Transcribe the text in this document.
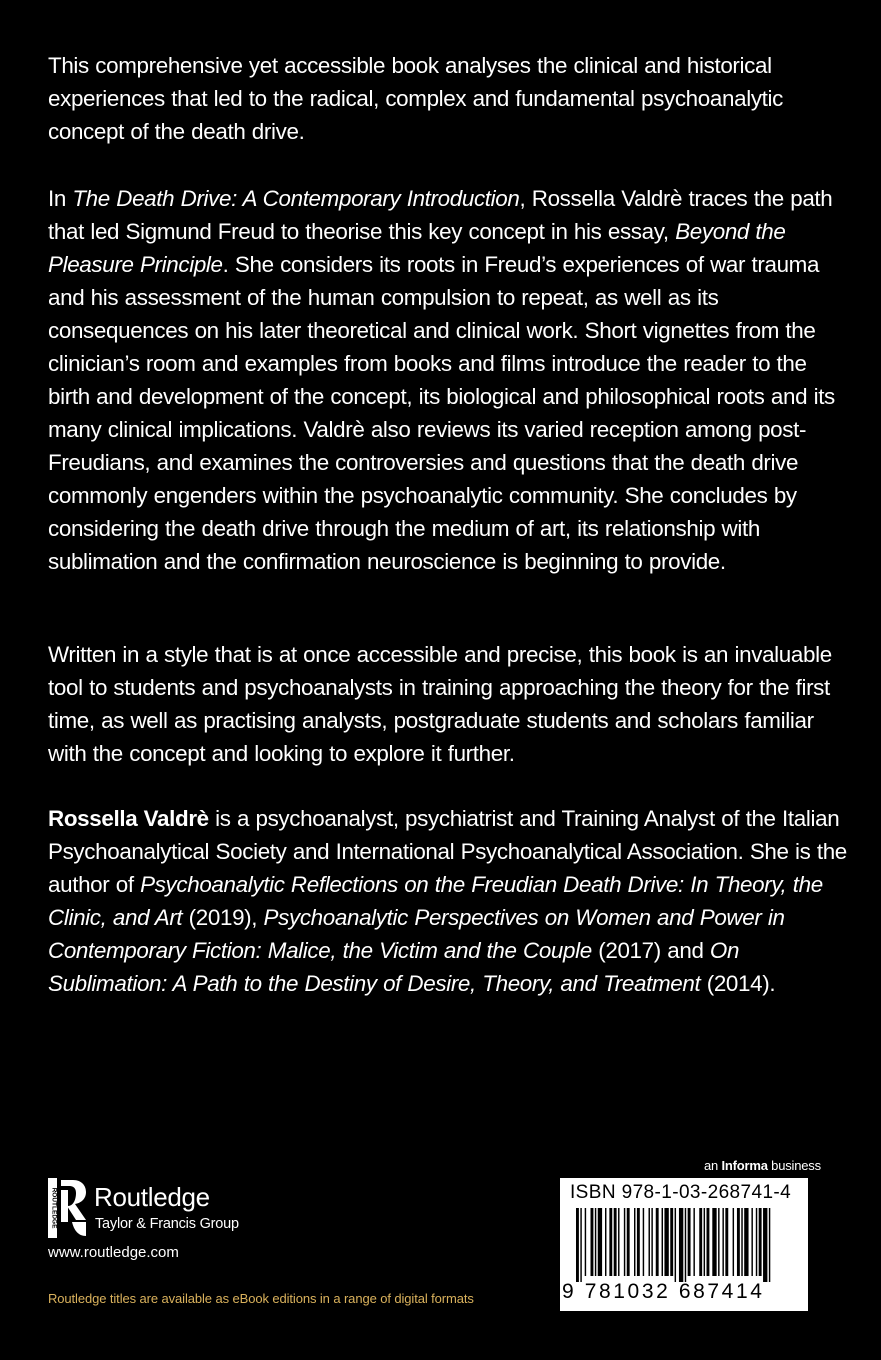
This comprehensive yet accessible book analyses the clinical and historical experiences that led to the radical, complex and fundamental psychoanalytic concept of the death drive.

In The Death Drive: A Contemporary Introduction, Rossella Valdrè traces the path that led Sigmund Freud to theorise this key concept in his essay, Beyond the Pleasure Principle. She considers its roots in Freud’s experiences of war trauma and his assessment of the human compulsion to repeat, as well as its consequences on his later theoretical and clinical work. Short vignettes from the clinician’s room and examples from books and films introduce the reader to the birth and development of the concept, its biological and philosophical roots and its many clinical implications. Valdrè also reviews its varied reception among post-Freudians, and examines the controversies and questions that the death drive commonly engenders within the psychoanalytic community. She concludes by considering the death drive through the medium of art, its relationship with sublimation and the confirmation neuroscience is beginning to provide.

Written in a style that is at once accessible and precise, this book is an invaluable tool to students and psychoanalysts in training approaching the theory for the first time, as well as practising analysts, postgraduate students and scholars familiar with the concept and looking to explore it further.

Rossella Valdrè is a psychoanalyst, psychiatrist and Training Analyst of the Italian Psychoanalytical Society and International Psychoanalytical Association. She is the author of Psychoanalytic Reflections on the Freudian Death Drive: In Theory, the Clinic, and Art (2019), Psychoanalytic Perspectives on Women and Power in Contemporary Fiction: Malice, the Victim and the Couple (2017) and On Sublimation: A Path to the Destiny of Desire, Theory, and Treatment (2014).

an Informa business
ROUTLEDGE Routledge
Taylor & Francis Group
www.routledge.com
Routledge titles are available as eBook editions in a range of digital formats
ISBN 978-1-03-268741-4
9 781032 687414
